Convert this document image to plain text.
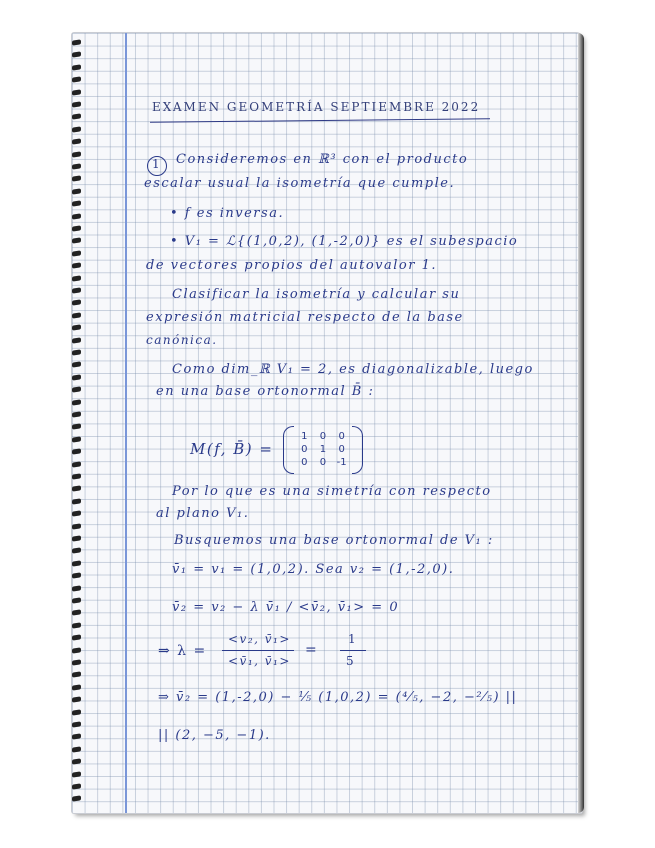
EXAMEN GEOMETRÍA SEPTIEMBRE 2022
1 Consideremos en ℝ³ con el producto
escalar usual la isometría que cumple.
• f es inversa.
• V₁ = ℒ{(1,0,2), (1,-2,0)} es el subespacio
de vectores propios del autovalor 1.
Clasificar la isometría y calcular su
expresión matricial respecto de la base
canónica.
Como dim_ℝ V₁ = 2, es diagonalizable, luego
en una base ortonormal B̄ :
M(f, B̄) =
1	0	0
0	1	0
0	0	-1
Por lo que es una simetría con respecto
al plano V₁.
Busquemos una base ortonormal de V₁ :
v̄₁ = v₁ = (1,0,2). Sea v₂ = (1,-2,0).
v̄₂ = v₂ − λ v̄₁ / <v̄₂, v̄₁> = 0
⇒ λ =
<v₂, v̄₁>
<v̄₁, v̄₁>
=
1
5
⇒ v̄₂ = (1,-2,0) − ⅕ (1,0,2) = (⁴⁄₅, −2, −²⁄₅) ||
|| (2, −5, −1).
